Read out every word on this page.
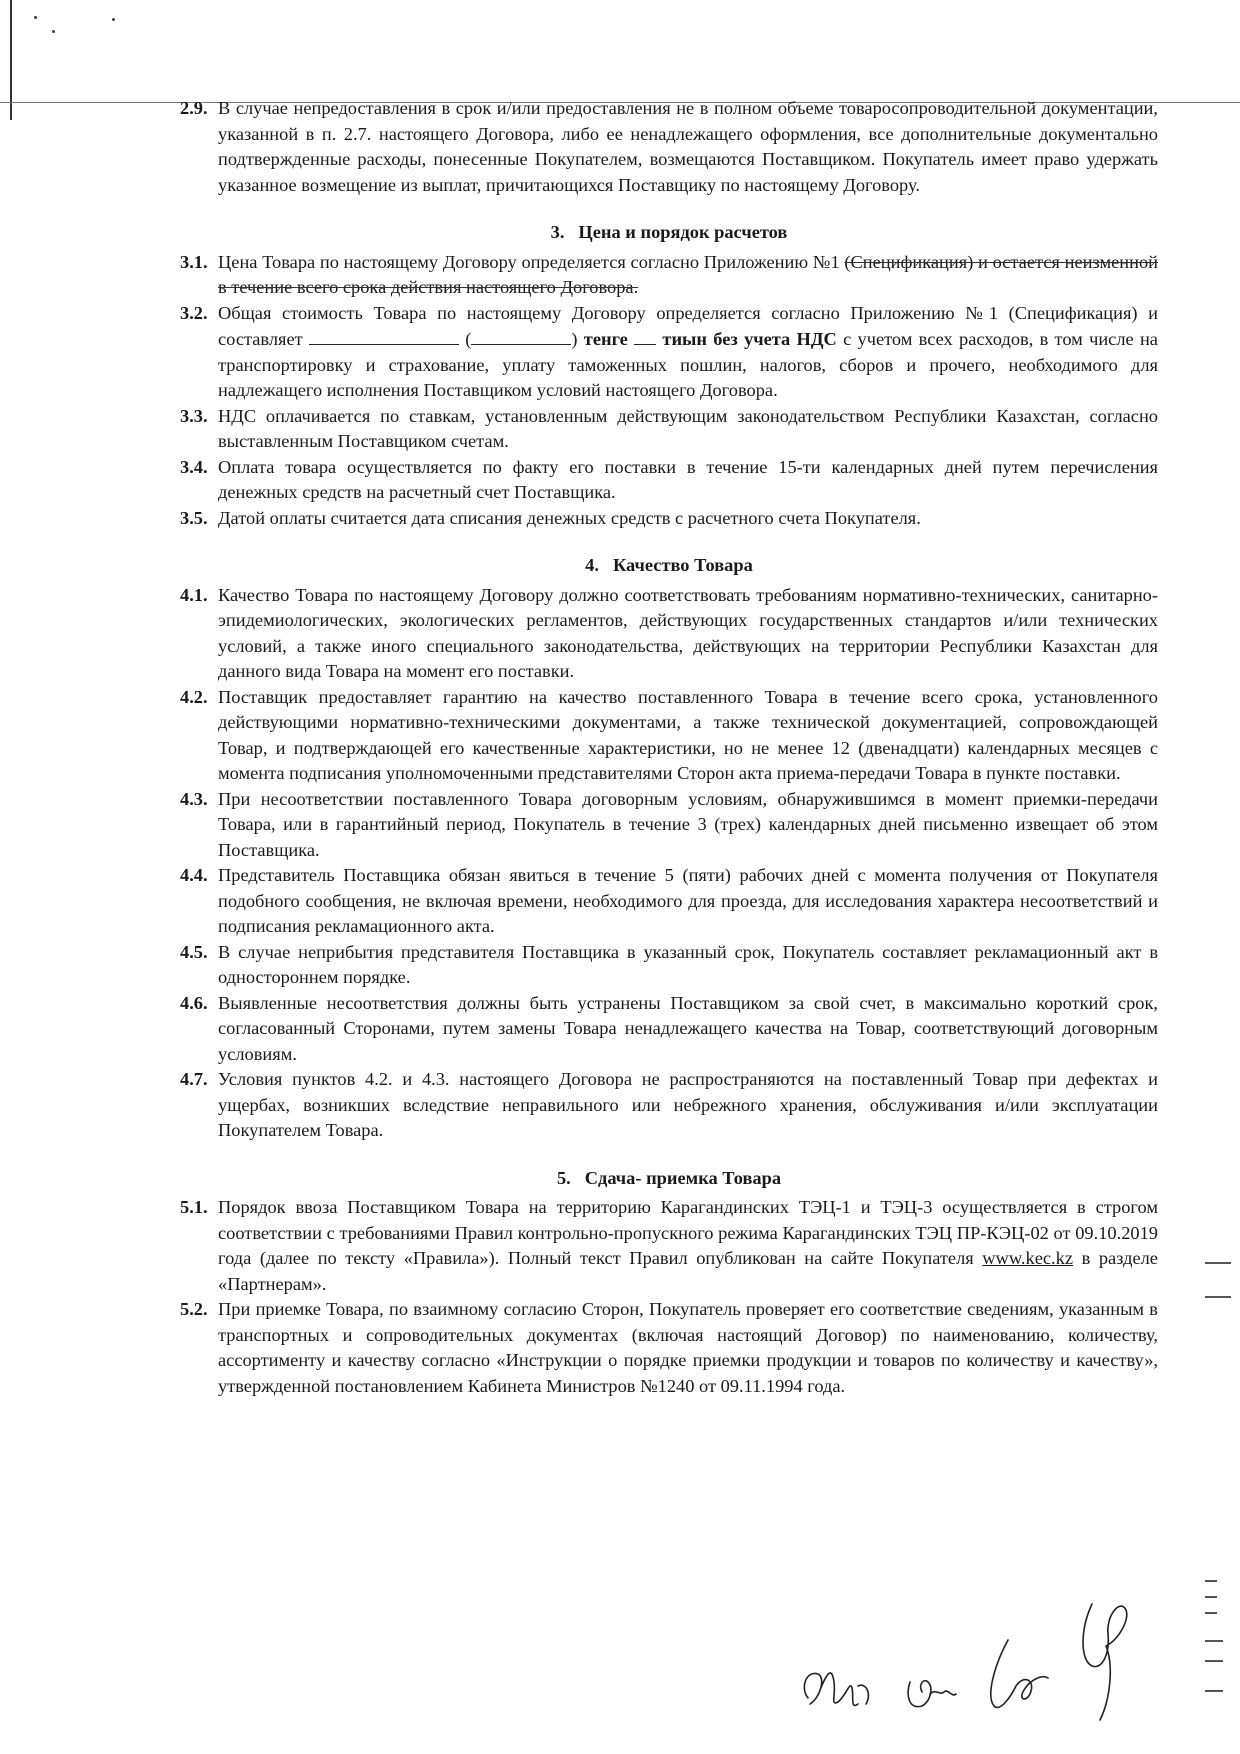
2.9. В случае непредоставления в срок и/или предоставления не в полном объеме товаросопроводительной документации, указанной в п. 2.7. настоящего Договора, либо ее ненадлежащего оформления, все дополнительные документально подтвержденные расходы, понесенные Покупателем, возмещаются Поставщиком. Покупатель имеет право удержать указанное возмещение из выплат, причитающихся Поставщику по настоящему Договору.
3. Цена и порядок расчетов
3.1. Цена Товара по настоящему Договору определяется согласно Приложению №1 (Спецификация) и остается неизменной в течение всего срока действия настоящего Договора.
3.2. Общая стоимость Товара по настоящему Договору определяется согласно Приложению №1 (Спецификация) и составляет	(	) тенге тиын без учета НДС с учетом всех расходов, в том числе на транспортировку и страхование, уплату таможенных пошлин, налогов, сборов и прочего, необходимого для надлежащего исполнения Поставщиком условий настоящего Договора.
3.3. НДС оплачивается по ставкам, установленным действующим законодательством Республики Казахстан, согласно выставленным Поставщиком счетам.
3.4. Оплата товара осуществляется по факту его поставки в течение 15-ти календарных дней путем перечисления денежных средств на расчетный счет Поставщика.
3.5. Датой оплаты считается дата списания денежных средств с расчетного счета Покупателя.
4. Качество Товара
4.1. Качество Товара по настоящему Договору должно соответствовать требованиям нормативно-технических, санитарно-эпидемиологических, экологических регламентов, действующих государственных стандартов и/или технических условий, а также иного специального законодательства, действующих на территории Республики Казахстан для данного вида Товара на момент его поставки.
4.2. Поставщик предоставляет гарантию на качество поставленного Товара в течение всего срока, установленного действующими нормативно-техническими документами, а также технической документацией, сопровождающей Товар, и подтверждающей его качественные характеристики, но не менее 12 (двенадцати) календарных месяцев с момента подписания уполномоченными представителями Сторон акта приема-передачи Товара в пункте поставки.
4.3. При несоответствии поставленного Товара договорным условиям, обнаружившимся в момент приемки-передачи Товара, или в гарантийный период, Покупатель в течение 3 (трех) календарных дней письменно извещает об этом Поставщика.
4.4. Представитель Поставщика обязан явиться в течение 5 (пяти) рабочих дней с момента получения от Покупателя подобного сообщения, не включая времени, необходимого для проезда, для исследования характера несоответствий и подписания рекламационного акта.
4.5. В случае неприбытия представителя Поставщика в указанный срок, Покупатель составляет рекламационный акт в одностороннем порядке.
4.6. Выявленные несоответствия должны быть устранены Поставщиком за свой счет, в максимально короткий срок, согласованный Сторонами, путем замены Товара ненадлежащего качества на Товар, соответствующий договорным условиям.
4.7. Условия пунктов 4.2. и 4.3. настоящего Договора не распространяются на поставленный Товар при дефектах и ущербах, возникших вследствие неправильного или небрежного хранения, обслуживания и/или эксплуатации Покупателем Товара.
5. Сдача- приемка Товара
5.1. Порядок ввоза Поставщиком Товара на территорию Карагандинских ТЭЦ-1 и ТЭЦ-3 осуществляется в строгом соответствии с требованиями Правил контрольно-пропускного режима Карагандинских ТЭЦ ПР-КЭЦ-02 от 09.10.2019 года (далее по тексту «Правила»). Полный текст Правил опубликован на сайте Покупателя www.kec.kz в разделе «Партнерам».
5.2. При приемке Товара, по взаимному согласию Сторон, Покупатель проверяет его соответствие сведениям, указанным в транспортных и сопроводительных документах (включая настоящий Договор) по наименованию, количеству, ассортименту и качеству согласно «Инструкции о порядке приемки продукции и товаров по количеству и качеству», утвержденной постановлением Кабинета Министров №1240 от 09.11.1994 года.
